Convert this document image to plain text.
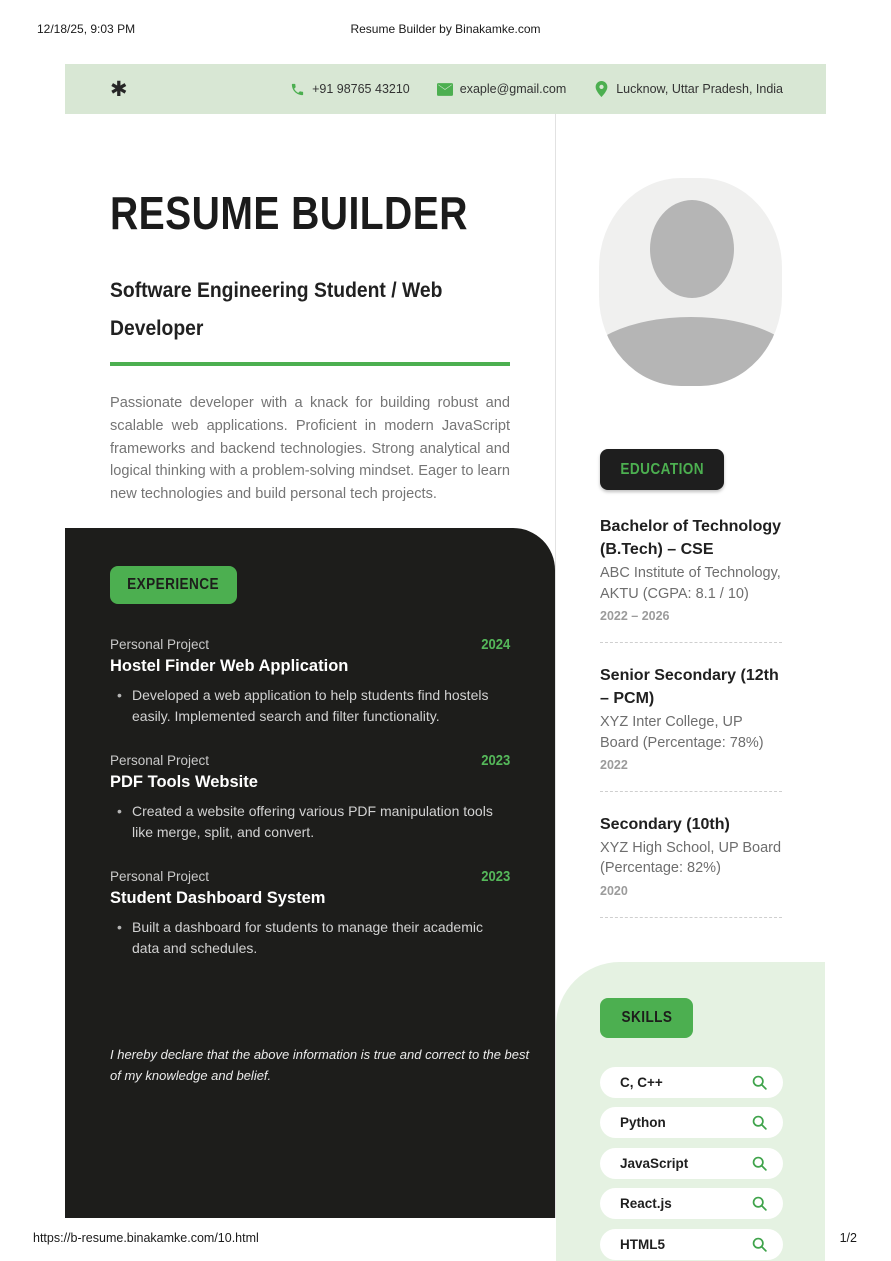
12/18/25, 9:03 PM	Resume Builder by Binakamke.com
✱	+91 98765 43210	exaple@gmail.com	Lucknow, Uttar Pradesh, India
RESUME BUILDER
Software Engineering Student / Web Developer

Passionate developer with a knack for building robust and scalable web applications. Proficient in modern JavaScript frameworks and backend technologies. Strong analytical and logical thinking with a problem-solving mindset. Eager to learn new technologies and build personal tech projects.

EXPERIENCE
Personal Project	2024
Hostel Finder Web Application
• Developed a web application to help students find hostels easily. Implemented search and filter functionality.
Personal Project	2023
PDF Tools Website
• Created a website offering various PDF manipulation tools like merge, split, and convert.
Personal Project	2023
Student Dashboard System
• Built a dashboard for students to manage their academic data and schedules.
I hereby declare that the above information is true and correct to the best of my knowledge and belief.
EDUCATION
Bachelor of Technology (B.Tech) – CSE
ABC Institute of Technology, AKTU (CGPA: 8.1 / 10)
2022 – 2026
Senior Secondary (12th – PCM)
XYZ Inter College, UP Board (Percentage: 78%)
2022
Secondary (10th)
XYZ High School, UP Board (Percentage: 82%)
2020
SKILLS
C, C++
Python
JavaScript
React.js
HTML5
https://b-resume.binakamke.com/10.html	1/2
